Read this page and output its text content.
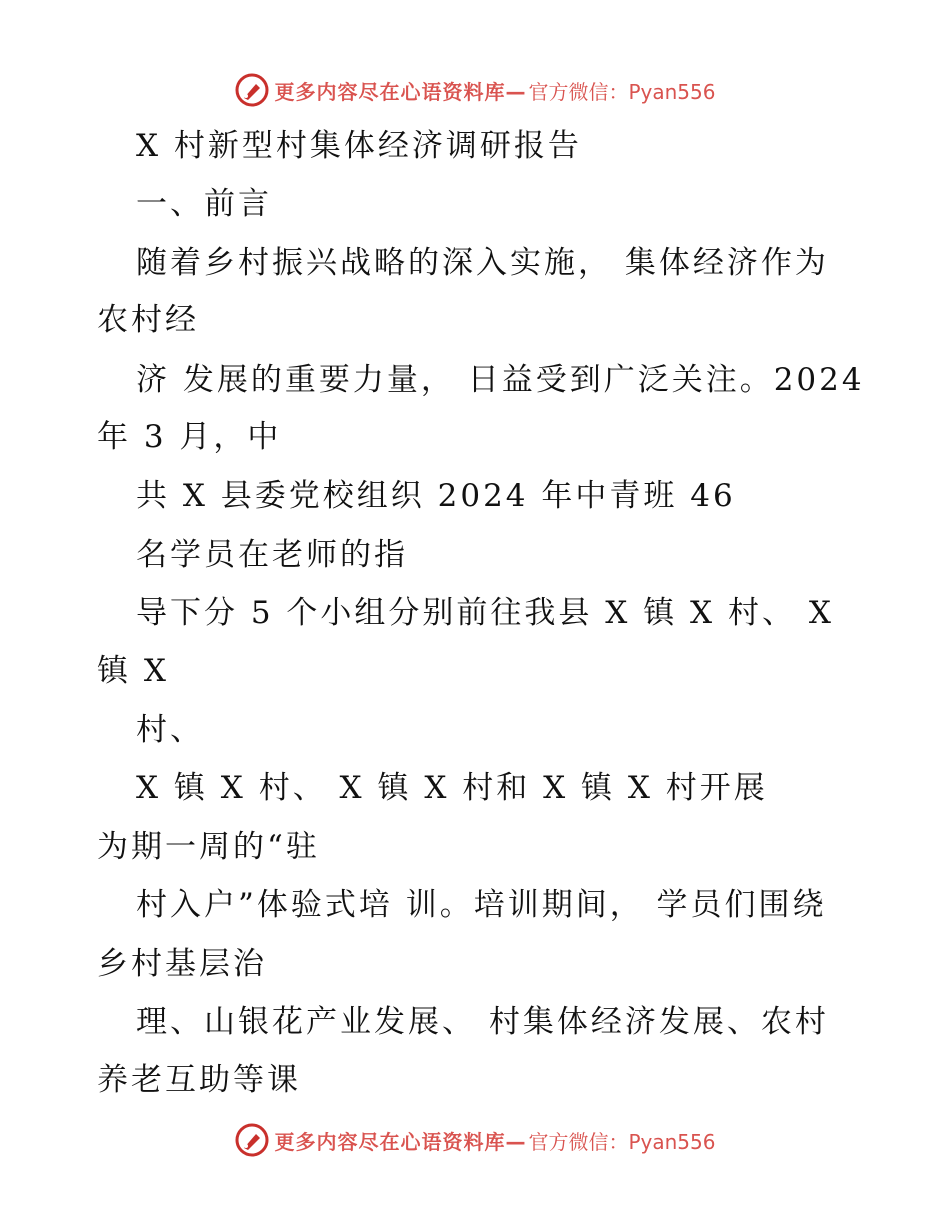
更多内容尽在心语资料库— 官方微信：Pyan556
X 村新型村集体经济调研报告
一、前言
随着乡村振兴战略的深入实施， 集体经济作为
农村经
济 发展的重要力量， 日益受到广泛关注。2024
年 3 月，中
共 X 县委党校组织 2024 年中青班 46
名学员在老师的指
导下分 5 个小组分别前往我县 X 镇 X 村、 X
镇 X
村、
X 镇 X 村、 X 镇 X 村和 X 镇 X 村开展
为期一周的“驻
村入户”体验式培 训。培训期间， 学员们围绕
乡村基层治
理、山银花产业发展、 村集体经济发展、农村
养老互助等课
更多内容尽在心语资料库— 官方微信：Pyan556
